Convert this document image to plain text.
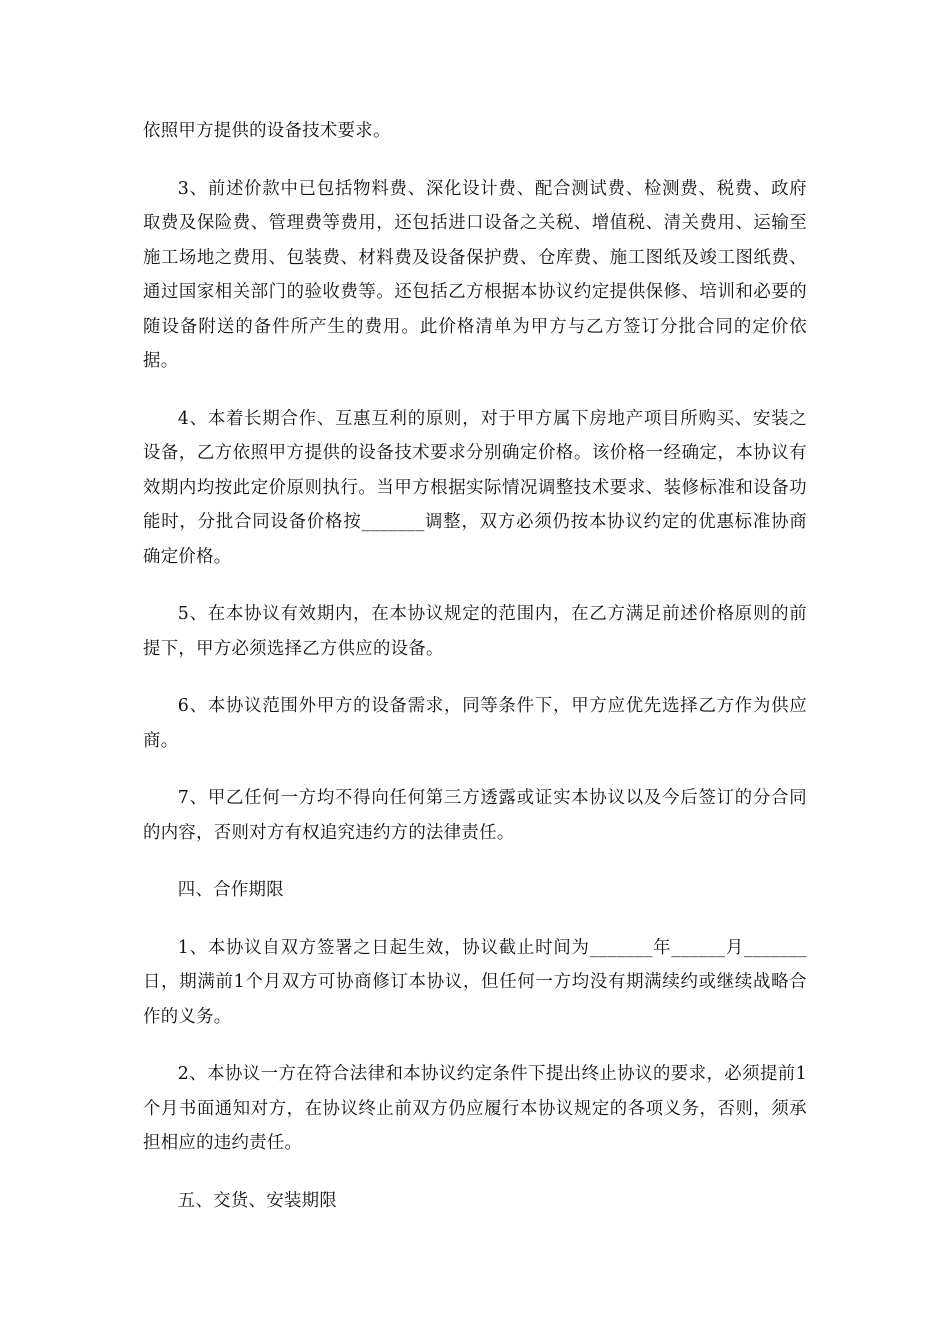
依照甲方提供的设备技术要求。

3、前述价款中已包括物料费、深化设计费、配合测试费、检测费、税费、政府取费及保险费、管理费等费用，还包括进口设备之关税、增值税、清关费用、运输至施工场地之费用、包装费、材料费及设备保护费、仓库费、施工图纸及竣工图纸费、通过国家相关部门的验收费等。还包括乙方根据本协议约定提供保修、培训和必要的随设备附送的备件所产生的费用。此价格清单为甲方与乙方签订分批合同的定价依据。

4、本着长期合作、互惠互利的原则，对于甲方属下房地产项目所购买、安装之设备，乙方依照甲方提供的设备技术要求分别确定价格。该价格一经确定，本协议有效期内均按此定价原则执行。当甲方根据实际情况调整技术要求、装修标准和设备功能时，分批合同设备价格按_______调整，双方必须仍按本协议约定的优惠标准协商确定价格。

5、在本协议有效期内，在本协议规定的范围内，在乙方满足前述价格原则的前提下，甲方必须选择乙方供应的设备。

6、本协议范围外甲方的设备需求，同等条件下，甲方应优先选择乙方作为供应商。

7、甲乙任何一方均不得向任何第三方透露或证实本协议以及今后签订的分合同的内容，否则对方有权追究违约方的法律责任。

四、合作期限

1、本协议自双方签署之日起生效，协议截止时间为_______年______月_______日，期满前1个月双方可协商修订本协议，但任何一方均没有期满续约或继续战略合作的义务。

2、本协议一方在符合法律和本协议约定条件下提出终止协议的要求，必须提前1个月书面通知对方，在协议终止前双方仍应履行本协议规定的各项义务，否则，须承担相应的违约责任。

五、交货、安装期限
